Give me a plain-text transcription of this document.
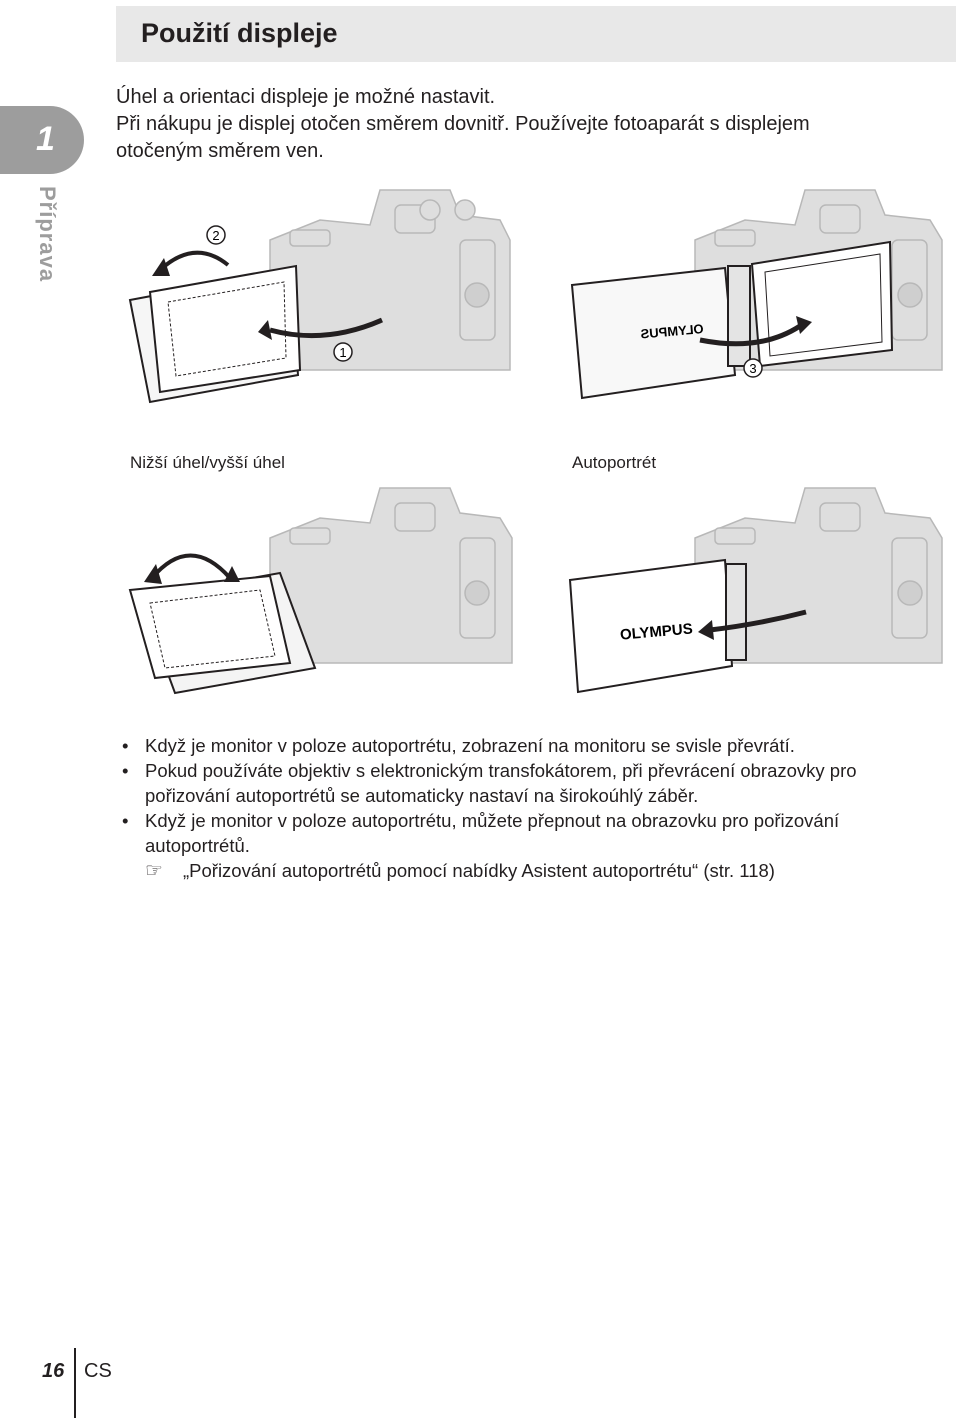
Použití displeje
1
Příprava
Úhel a orientaci displeje je možné nastavit.
Při nákupu je displej otočen směrem dovnitř. Používejte fotoaparát s displejem
otočeným směrem ven.
2
1
OLYMPUS
3
Nižší úhel/vyšší úhel	Autoportrét
OLYMPUS
• Když je monitor v poloze autoportrétu, zobrazení na monitoru se svisle převrátí.
• Pokud používáte objektiv s elektronickým transfokátorem, při převrácení obrazovky pro pořizování autoportrétů se automaticky nastaví na širokoúhlý záběr.
• Když je monitor v poloze autoportrétu, můžete přepnout na obrazovku pro pořizování autoportrétů.
☞ „Pořizování autoportrétů pomocí nabídky Asistent autoportrétu“ (str. 118)
16 CS
